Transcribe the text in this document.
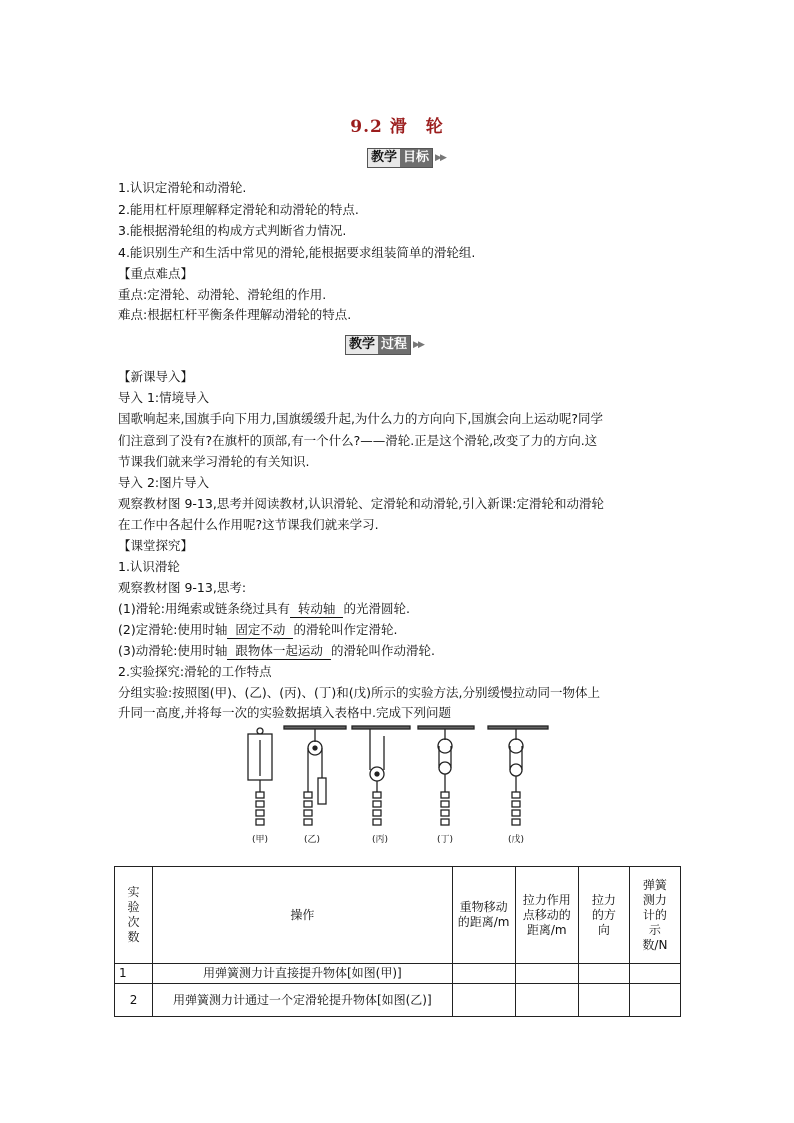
9.2 滑　轮
教学 目标 ▶▶
1.认识定滑轮和动滑轮.
2.能用杠杆原理解释定滑轮和动滑轮的特点.
3.能根据滑轮组的构成方式判断省力情况.
4.能识别生产和生活中常见的滑轮,能根据要求组装简单的滑轮组.
【重点难点】
重点:定滑轮、动滑轮、滑轮组的作用.
难点:根据杠杆平衡条件理解动滑轮的特点.
教学 过程 ▶▶
【新课导入】
导入 1:情境导入
国歌响起来,国旗手向下用力,国旗缓缓升起,为什么力的方向向下,国旗会向上运动呢?同学
们注意到了没有?在旗杆的顶部,有一个什么?——滑轮.正是这个滑轮,改变了力的方向.这
节课我们就来学习滑轮的有关知识.
导入 2:图片导入
观察教材图 9-13,思考并阅读教材,认识滑轮、定滑轮和动滑轮,引入新课:定滑轮和动滑轮
在工作中各起什么作用呢?这节课我们就来学习.
【课堂探究】
1.认识滑轮
观察教材图 9-13,思考:
(1)滑轮:用绳索或链条绕过具有 转动轴 的光滑圆轮.
(2)定滑轮:使用时轴 固定不动 的滑轮叫作定滑轮.
(3)动滑轮:使用时轴 跟物体一起运动 的滑轮叫作动滑轮.
2.实验探究:滑轮的工作特点
分组实验:按照图(甲)、(乙)、(丙)、(丁)和(戊)所示的实验方法,分别缓慢拉动同一物体上
升同一高度,并将每一次的实验数据填入表格中.完成下列问题
(甲)	(乙)	(丙)	(丁)	(戊)
实验次数	操作	重物移动的距离/m	拉力作用点移动的距离/m	拉力的方向	弹簧测力计的示数/N

1	用弹簧测力计直接提升物体[如图(甲)]				
2	用弹簧测力计通过一个定滑轮提升物体[如图(乙)]				
